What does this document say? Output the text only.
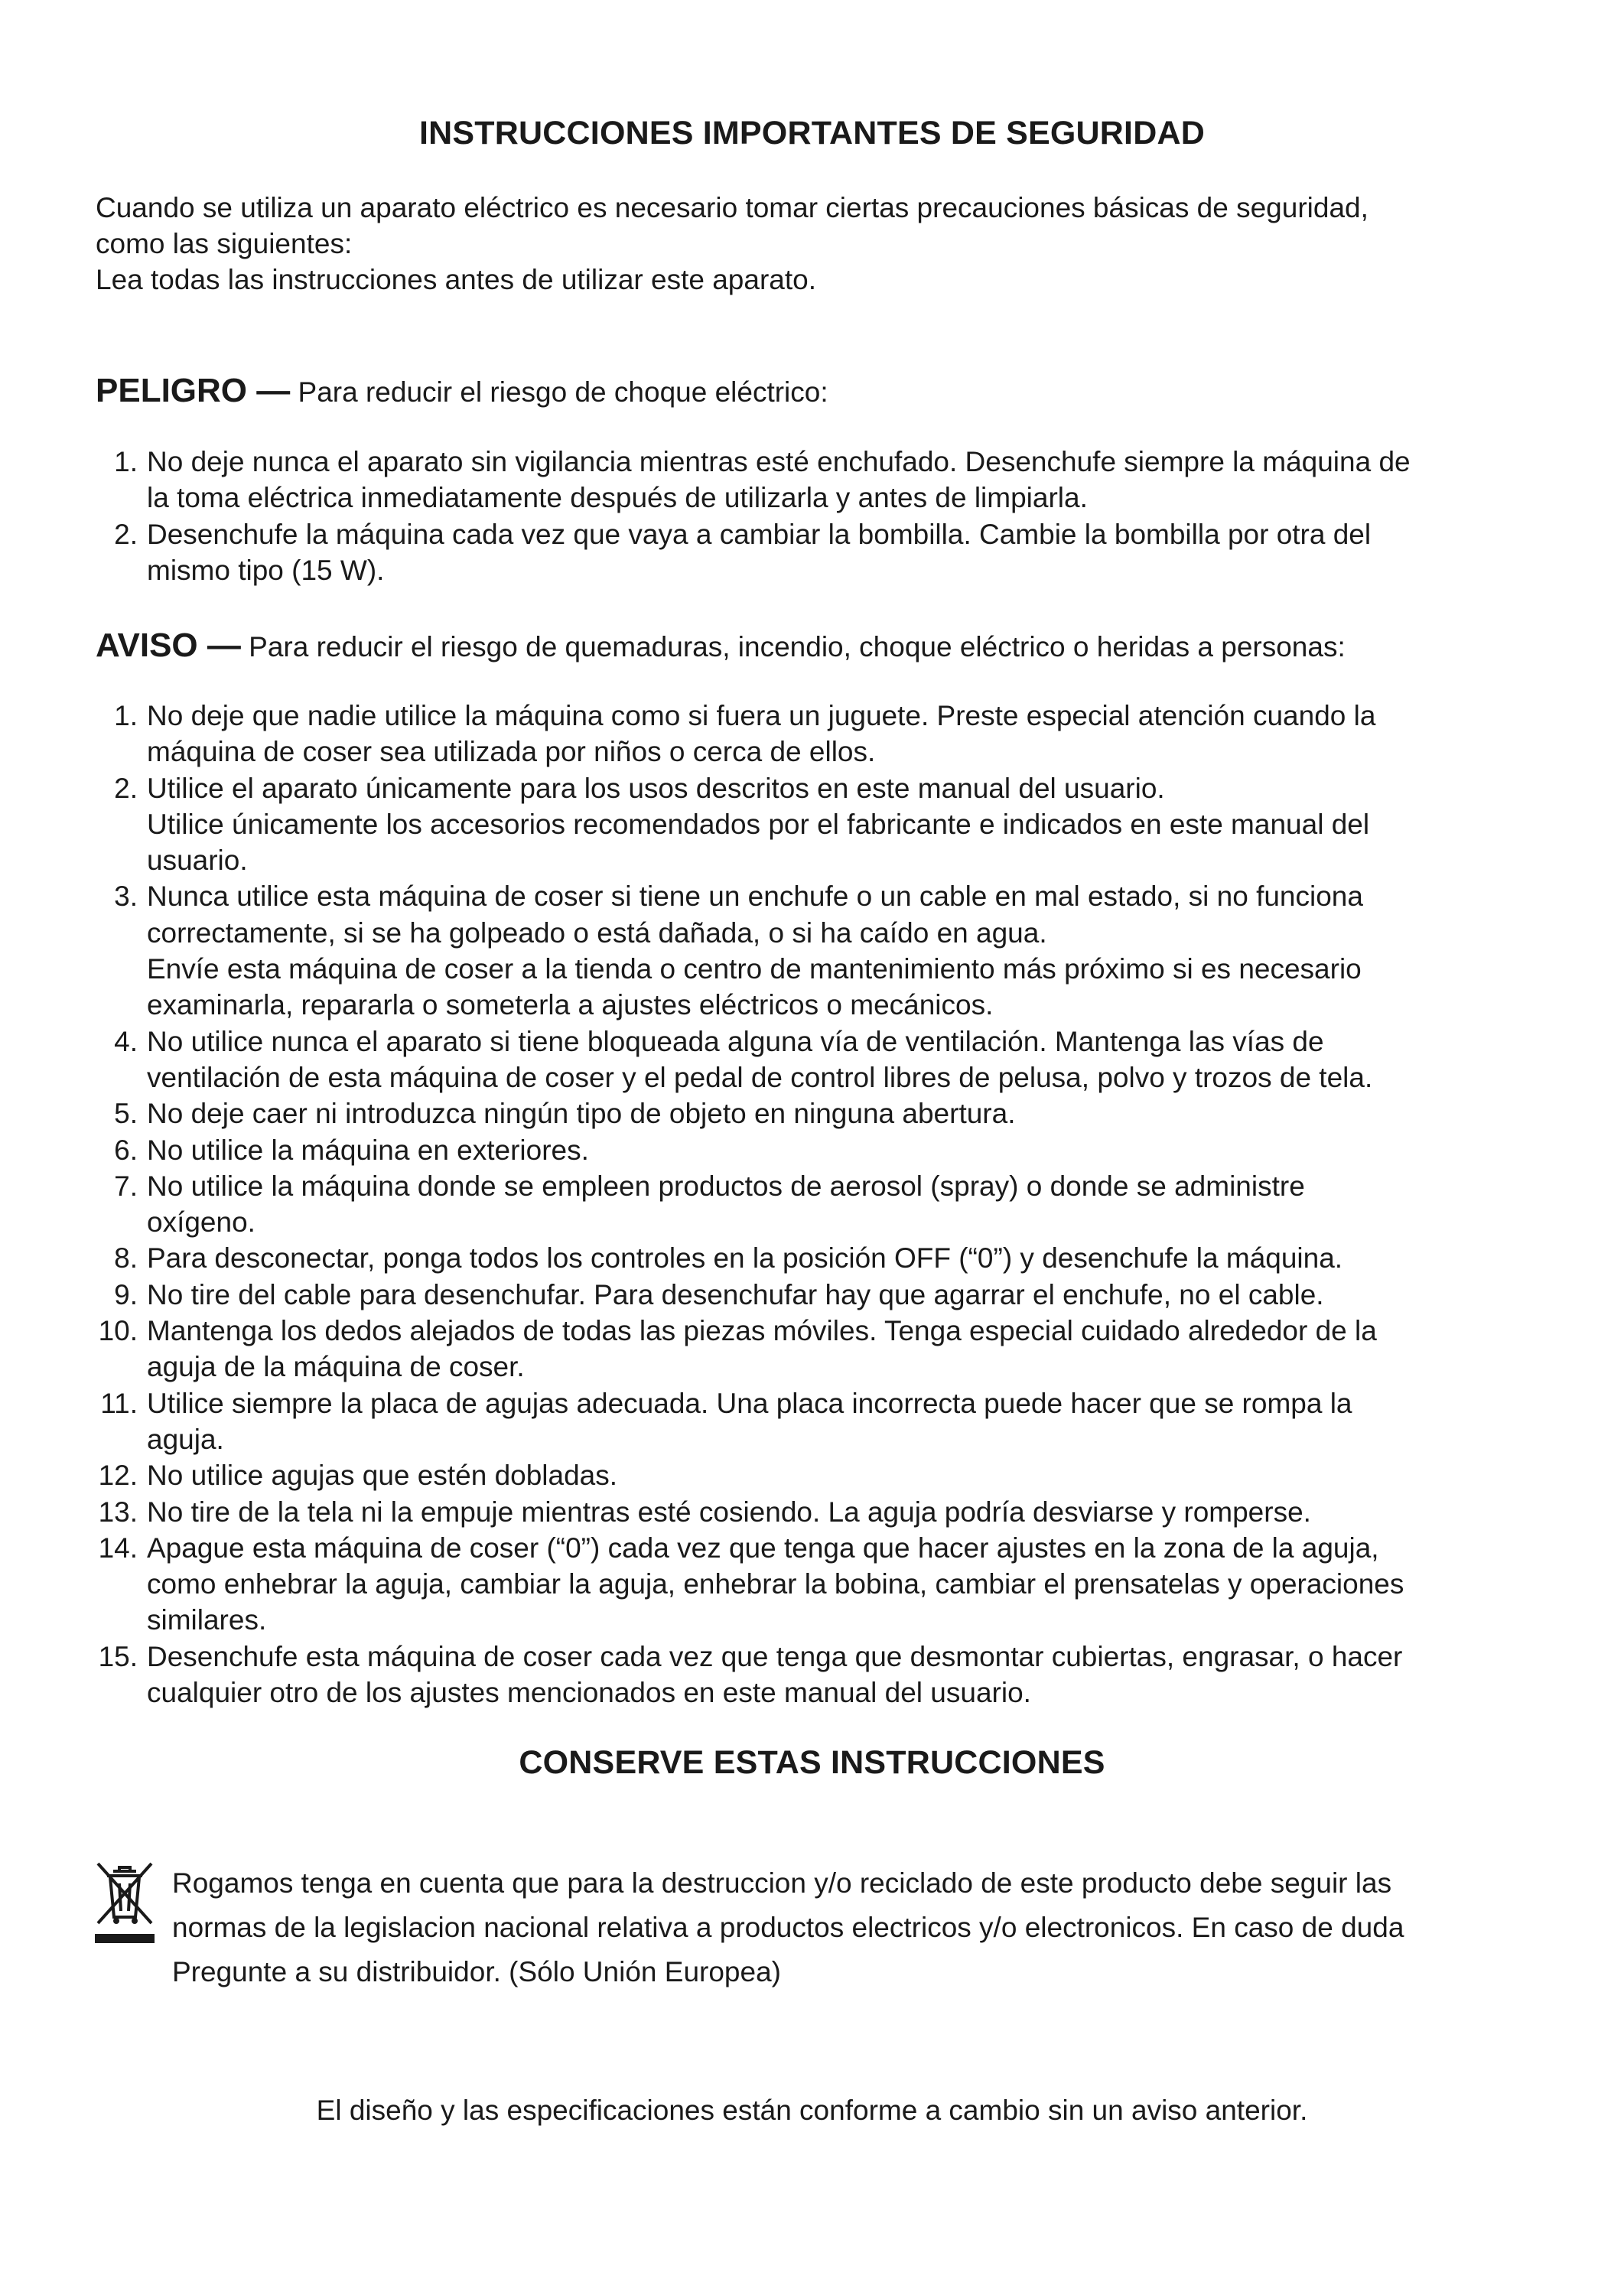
INSTRUCCIONES IMPORTANTES DE SEGURIDAD
Cuando se utiliza un aparato eléctrico es necesario tomar ciertas precauciones básicas de seguridad,
como las siguientes:
Lea todas las instrucciones antes de utilizar este aparato.
PELIGRO — Para reducir el riesgo de choque eléctrico:
1. No deje nunca el aparato sin vigilancia mientras esté enchufado. Desenchufe siempre la máquina de
la toma eléctrica inmediatamente después de utilizarla y antes de limpiarla.
2. Desenchufe la máquina cada vez que vaya a cambiar la bombilla. Cambie la bombilla por otra del
mismo tipo (15 W).
AVISO — Para reducir el riesgo de quemaduras, incendio, choque eléctrico o heridas a personas:
1. No deje que nadie utilice la máquina como si fuera un juguete. Preste especial atención cuando la
máquina de coser sea utilizada por niños o cerca de ellos.
2. Utilice el aparato únicamente para los usos descritos en este manual del usuario.
Utilice únicamente los accesorios recomendados por el fabricante e indicados en este manual del
usuario.
3. Nunca utilice esta máquina de coser si tiene un enchufe o un cable en mal estado, si no funciona
correctamente, si se ha golpeado o está dañada, o si ha caído en agua.
Envíe esta máquina de coser a la tienda o centro de mantenimiento más próximo si es necesario
examinarla, repararla o someterla a ajustes eléctricos o mecánicos.
4. No utilice nunca el aparato si tiene bloqueada alguna vía de ventilación. Mantenga las vías de
ventilación de esta máquina de coser y el pedal de control libres de pelusa, polvo y trozos de tela.
5. No deje caer ni introduzca ningún tipo de objeto en ninguna abertura.
6. No utilice la máquina en exteriores.
7. No utilice la máquina donde se empleen productos de aerosol (spray) o donde se administre
oxígeno.
8. Para desconectar, ponga todos los controles en la posición OFF (“0”) y desenchufe la máquina.
9. No tire del cable para desenchufar. Para desenchufar hay que agarrar el enchufe, no el cable.
10. Mantenga los dedos alejados de todas las piezas móviles. Tenga especial cuidado alrededor de la
aguja de la máquina de coser.
11. Utilice siempre la placa de agujas adecuada. Una placa incorrecta puede hacer que se rompa la
aguja.
12. No utilice agujas que estén dobladas.
13. No tire de la tela ni la empuje mientras esté cosiendo. La aguja podría desviarse y romperse.
14. Apague esta máquina de coser (“0”) cada vez que tenga que hacer ajustes en la zona de la aguja,
como enhebrar la aguja, cambiar la aguja, enhebrar la bobina, cambiar el prensatelas y operaciones
similares.
15. Desenchufe esta máquina de coser cada vez que tenga que desmontar cubiertas, engrasar, o hacer
cualquier otro de los ajustes mencionados en este manual del usuario.
CONSERVE ESTAS INSTRUCCIONES
Rogamos tenga en cuenta que para la destruccion y/o reciclado de este producto debe seguir las
normas de la legislacion nacional relativa a productos electricos y/o electronicos. En caso de duda
Pregunte a su distribuidor. (Sólo Unión Europea)
El diseño y las especificaciones están conforme a cambio sin un aviso anterior.
